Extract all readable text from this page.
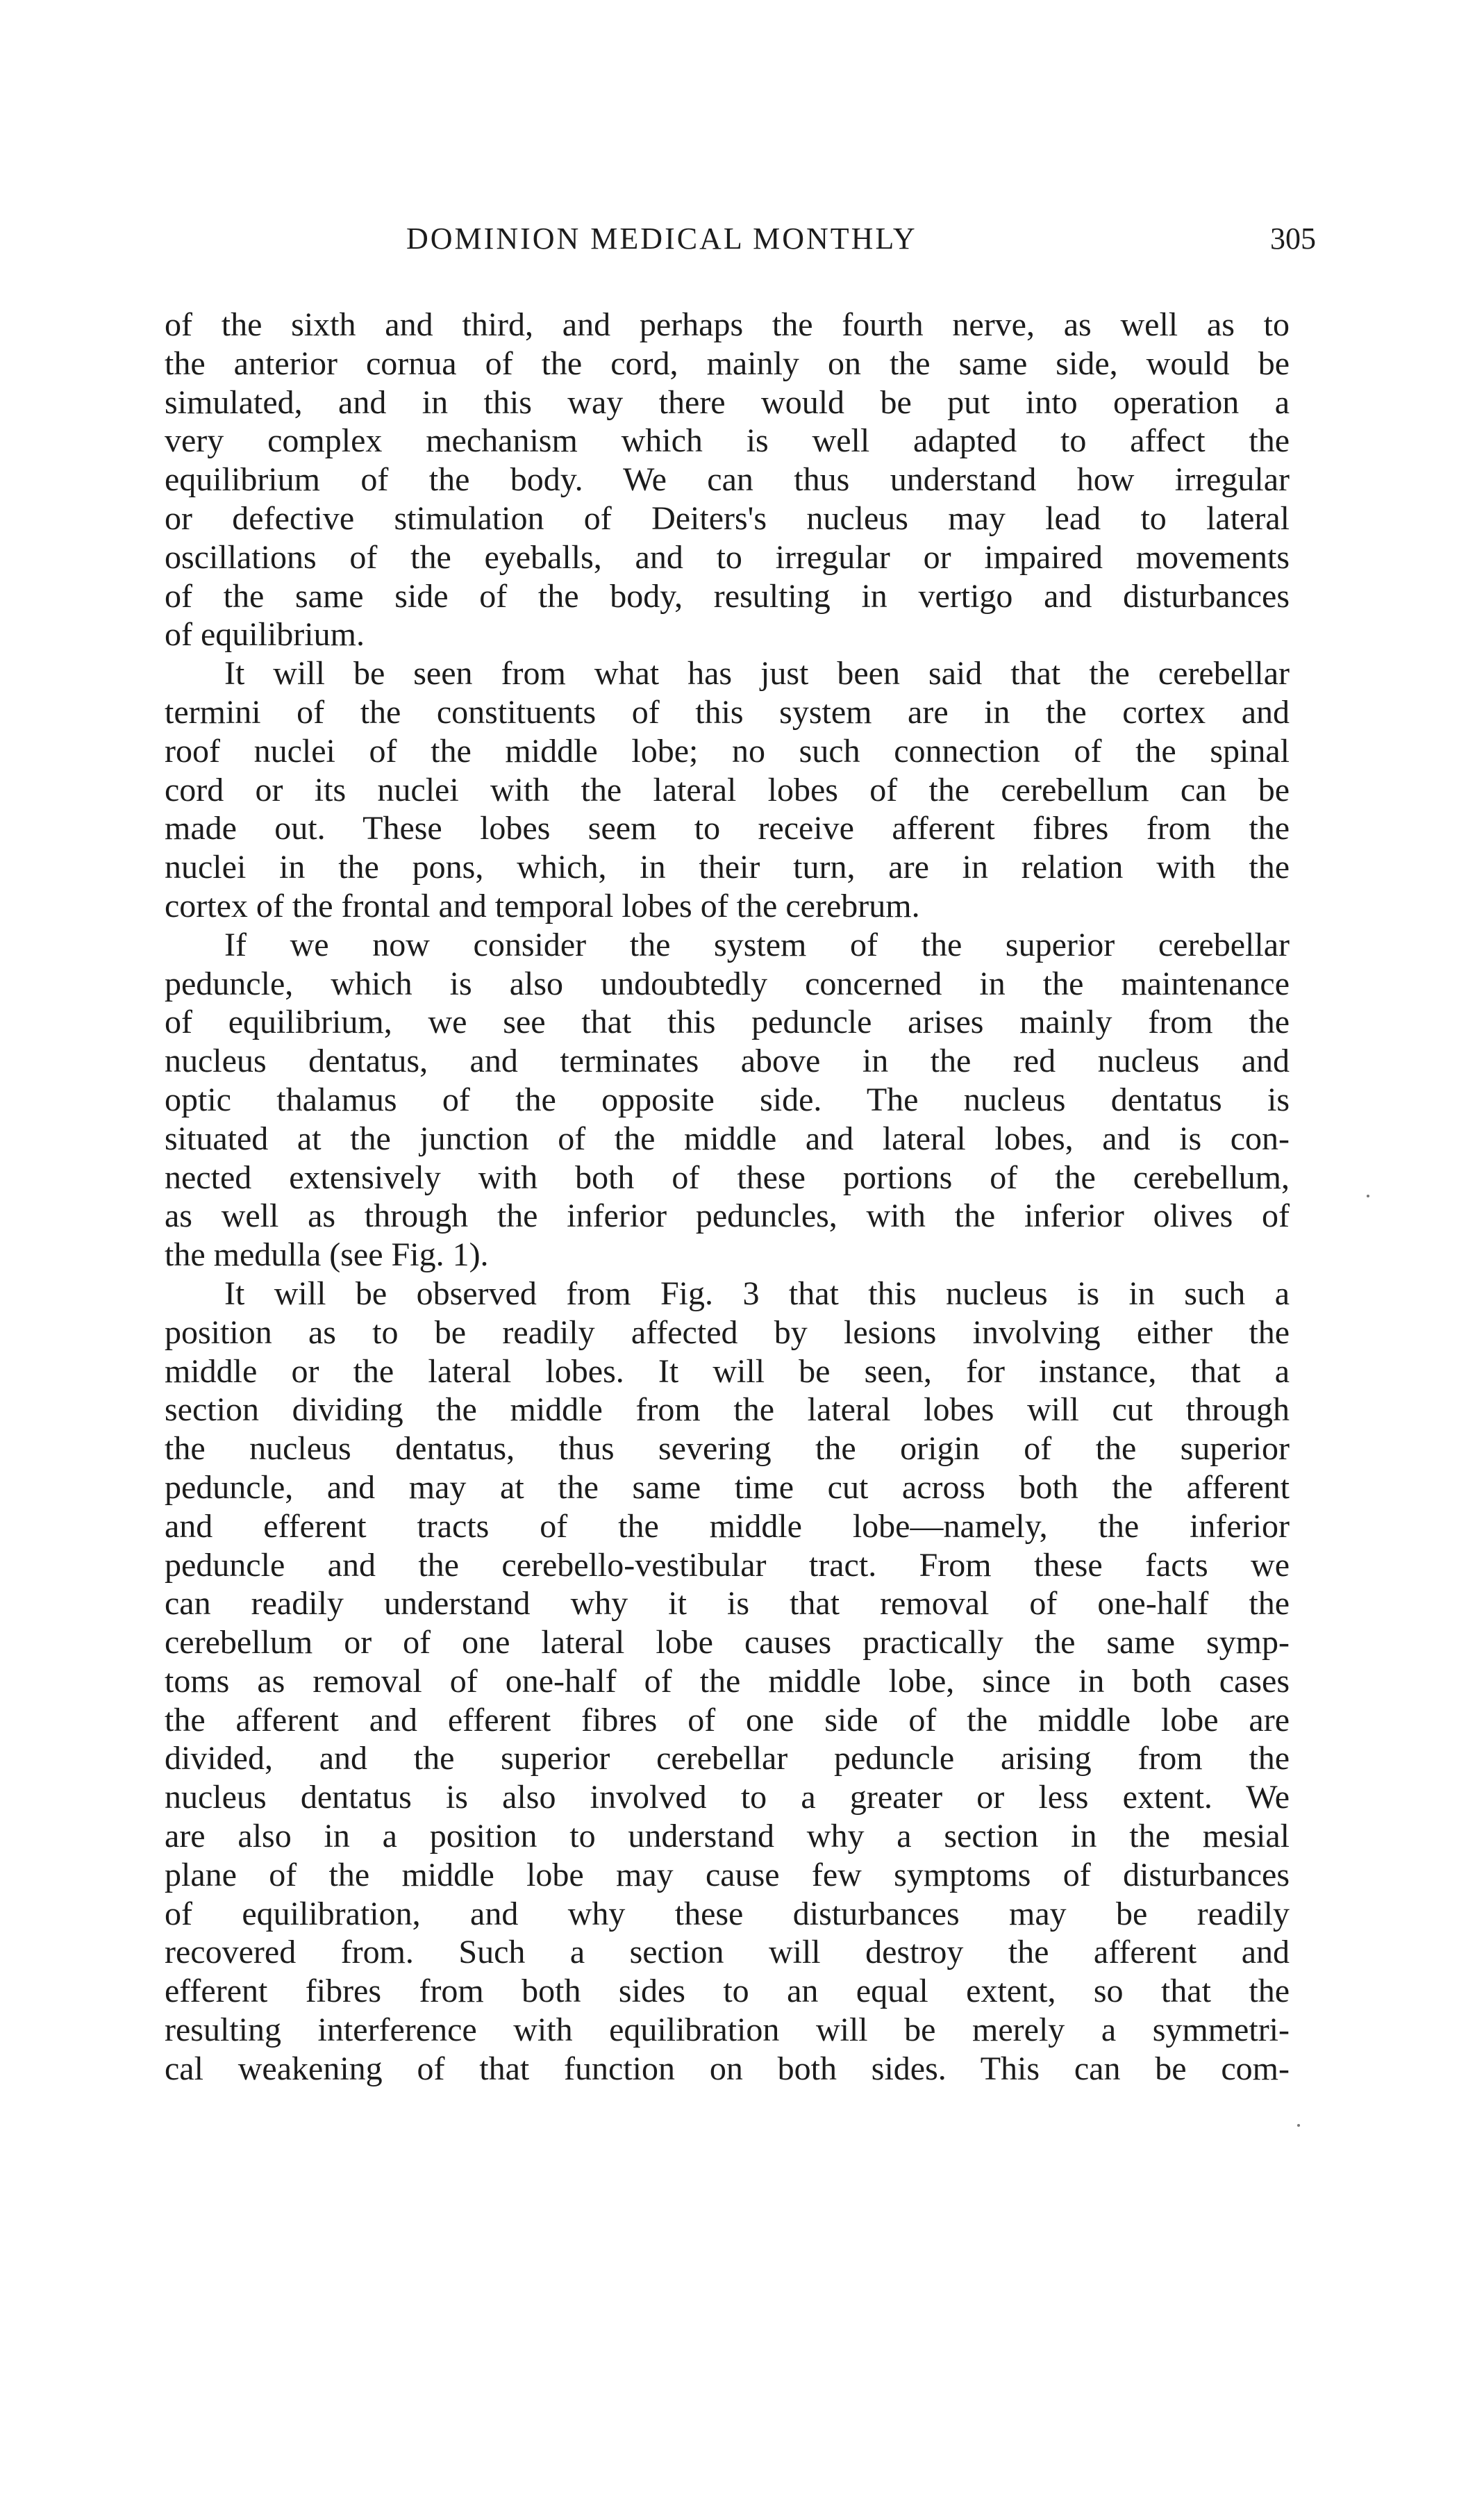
DOMINION MEDICAL MONTHLY	305
of the sixth and third, and perhaps the fourth nerve, as well as to
the anterior cornua of the cord, mainly on the same side, would be
simulated, and in this way there would be put into operation a
very complex mechanism which is well adapted to affect the
equilibrium of the body. We can thus understand how irregular
or defective stimulation of Deiters's nucleus may lead to lateral
oscillations of the eyeballs, and to irregular or impaired movements
of the same side of the body, resulting in vertigo and disturbances
of equilibrium.
It will be seen from what has just been said that the cerebellar
termini of the constituents of this system are in the cortex and
roof nuclei of the middle lobe; no such connection of the spinal
cord or its nuclei with the lateral lobes of the cerebellum can be
made out. These lobes seem to receive afferent fibres from the
nuclei in the pons, which, in their turn, are in relation with the
cortex of the frontal and temporal lobes of the cerebrum.
If we now consider the system of the superior cerebellar
peduncle, which is also undoubtedly concerned in the maintenance
of equilibrium, we see that this peduncle arises mainly from the
nucleus dentatus, and terminates above in the red nucleus and
optic thalamus of the opposite side. The nucleus dentatus is
situated at the junction of the middle and lateral lobes, and is con-
nected extensively with both of these portions of the cerebellum,
as well as through the inferior peduncles, with the inferior olives of
the medulla (see Fig. 1).
It will be observed from Fig. 3 that this nucleus is in such a
position as to be readily affected by lesions involving either the
middle or the lateral lobes. It will be seen, for instance, that a
section dividing the middle from the lateral lobes will cut through
the nucleus dentatus, thus severing the origin of the superior
peduncle, and may at the same time cut across both the afferent
and efferent tracts of the middle lobe—namely, the inferior
peduncle and the cerebello-vestibular tract. From these facts we
can readily understand why it is that removal of one-half the
cerebellum or of one lateral lobe causes practically the same symp-
toms as removal of one-half of the middle lobe, since in both cases
the afferent and efferent fibres of one side of the middle lobe are
divided, and the superior cerebellar peduncle arising from the
nucleus dentatus is also involved to a greater or less extent. We
are also in a position to understand why a section in the mesial
plane of the middle lobe may cause few symptoms of disturbances
of equilibration, and why these disturbances may be readily
recovered from. Such a section will destroy the afferent and
efferent fibres from both sides to an equal extent, so that the
resulting interference with equilibration will be merely a symmetri-
cal weakening of that function on both sides. This can be com-
